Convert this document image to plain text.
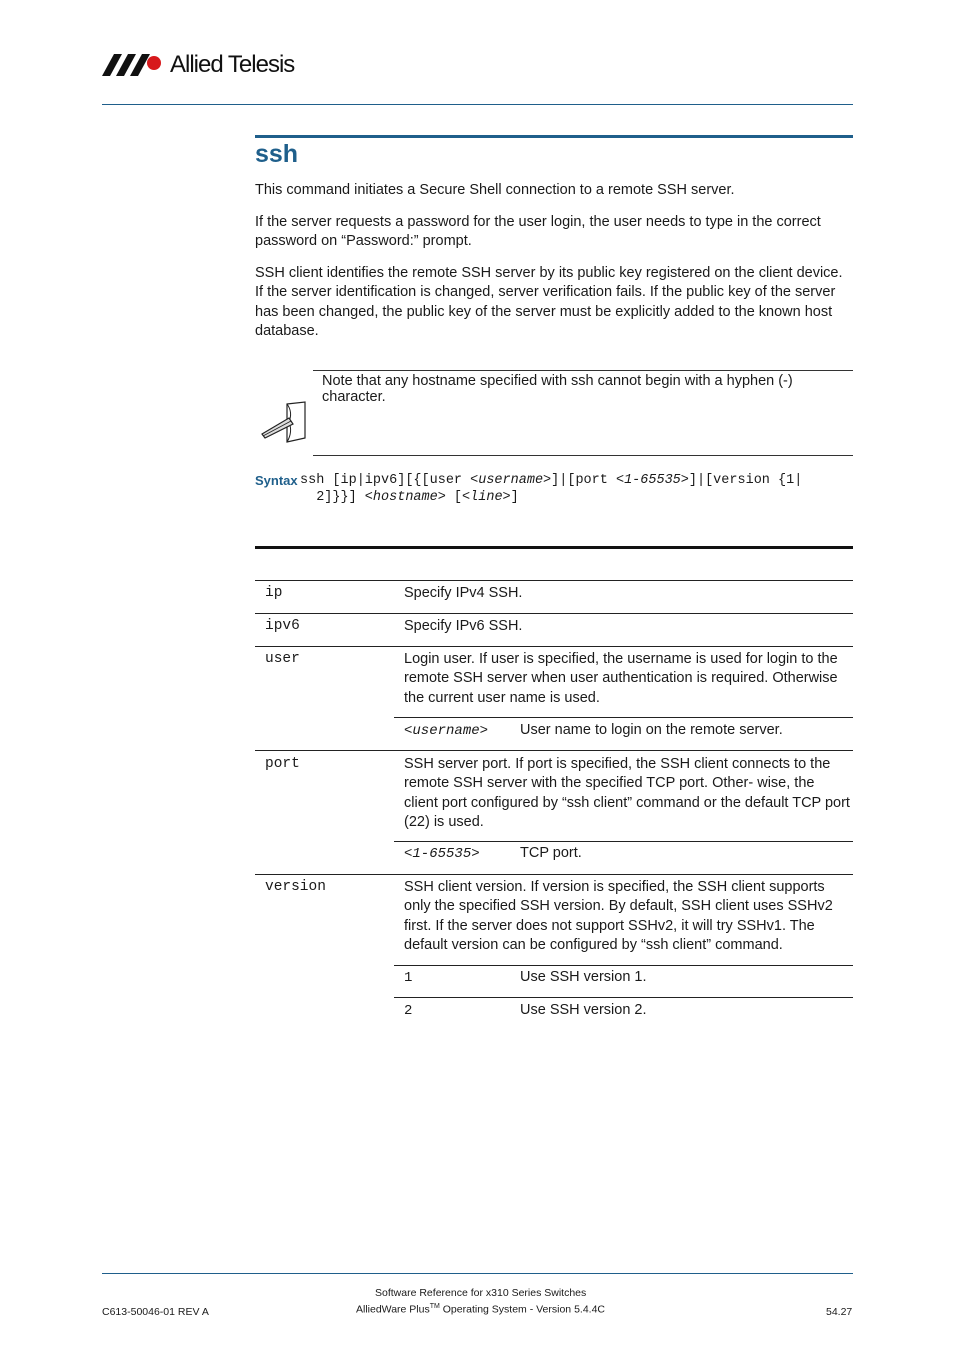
Allied Telesis
ssh

This command initiates a Secure Shell connection to a remote SSH server.

If the server requests a password for the user login, the user needs to type in the correct password on “Password:” prompt.

SSH client identifies the remote SSH server by its public key registered on the client device. If the server identification is changed, server verification fails. If the public key of the server has been changed, the public key of the server must be explicitly added to the known host database.

Note that any hostname specified with ssh cannot begin with a hyphen (-) character.
Syntax ssh [ip|ipv6][{[user <username>]|[port <1-65535>]|[version {1|
2]}}] <hostname> [<line>]
ip	Specify IPv4 SSH.
ipv6	Specify IPv6 SSH.
user	Login user. If user is specified, the username is used for login to the remote SSH server when user authentication is required. Otherwise the current user name is used.
<username> User name to login on the remote server.
port	SSH server port. If port is specified, the SSH client connects to the remote SSH server with the specified TCP port. Other- wise, the client port configured by “ssh client” command or the default TCP port (22) is used.
<1-65535>	TCP port.
version	SSH client version. If version is specified, the SSH client supports only the specified SSH version. By default, SSH client uses SSHv2 first. If the server does not support SSHv2, it will try SSHv1. The default version can be configured by “ssh client” command.
1	Use SSH version 1.
2	Use SSH version 2.
Software Reference for x310 Series Switches
C613-50046-01 REV A	AlliedWare Plus™ Operating System - Version 5.4.4C	54.27
